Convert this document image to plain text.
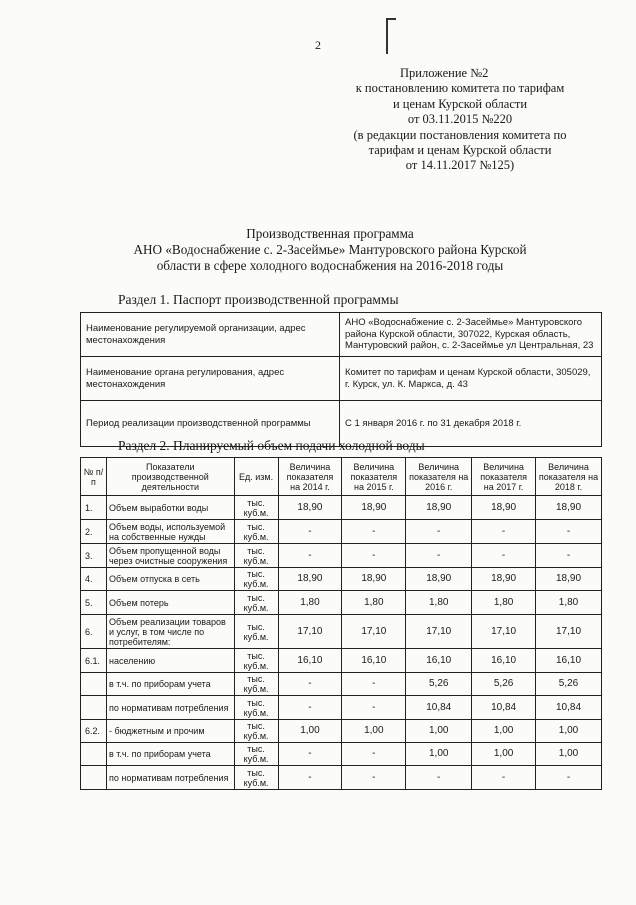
2
Приложение №2
к постановлению комитета по тарифам
и ценам Курской области
от 03.11.2015 №220
(в редакции постановления комитета по
тарифам и ценам Курской области
от 14.11.2017 №125)
Производственная программа
АНО «Водоснабжение с. 2-Засеймье» Мантуровского района Курской
области в сфере холодного водоснабжения на 2016-2018 годы
Раздел 1. Паспорт производственной программы
Наименование регулируемой организации, адрес местонахождения	АНО «Водоснабжение с. 2-Засеймье» Мантуровского района Курской области, 307022, Курская область, Мантуровский район, с. 2-Засеймье ул Центральная, 23
Наименование органа регулирования, адрес местонахождения	Комитет по тарифам и ценам Курской области, 305029, г. Курск, ул. К. Маркса, д. 43
Период реализации производственной программы	С 1 января 2016 г. по 31 декабря 2018 г.
Раздел 2. Планируемый объем подачи холодной воды
№ п/п	Показатели производственной деятельности	Ед. изм.	Величина показателя на 2014 г.	Величина показателя на 2015 г.	Величина показателя на 2016 г.	Величина показателя на 2017 г.	Величина показателя на 2018 г.
1.	Объем выработки воды	тыс. куб.м.	18,90	18,90	18,90	18,90	18,90
2.	Объем воды, используемой на собственные нужды	тыс. куб.м.	-	-	-	-	-
3.	Объем пропущенной воды через очистные сооружения	тыс. куб.м.	-	-	-	-	-
4.	Объем отпуска в сеть	тыс. куб.м.	18,90	18,90	18,90	18,90	18,90
5.	Объем потерь	тыс. куб.м.	1,80	1,80	1,80	1,80	1,80
6.	Объем реализации товаров и услуг, в том числе по потребителям:	тыс. куб.м.	17,10	17,10	17,10	17,10	17,10
6.1.	населению	тыс. куб.м.	16,10	16,10	16,10	16,10	16,10
	в т.ч. по приборам учета	тыс. куб.м.	-	-	5,26	5,26	5,26
	по нормативам потребления	тыс. куб.м.	-	-	10,84	10,84	10,84
6.2.	- бюджетным и прочим	тыс. куб.м.	1,00	1,00	1,00	1,00	1,00
	в т.ч. по приборам учета	тыс. куб.м.	-	-	1,00	1,00	1,00
	по нормативам потребления	тыс. куб.м.	-	-	-	-	-
